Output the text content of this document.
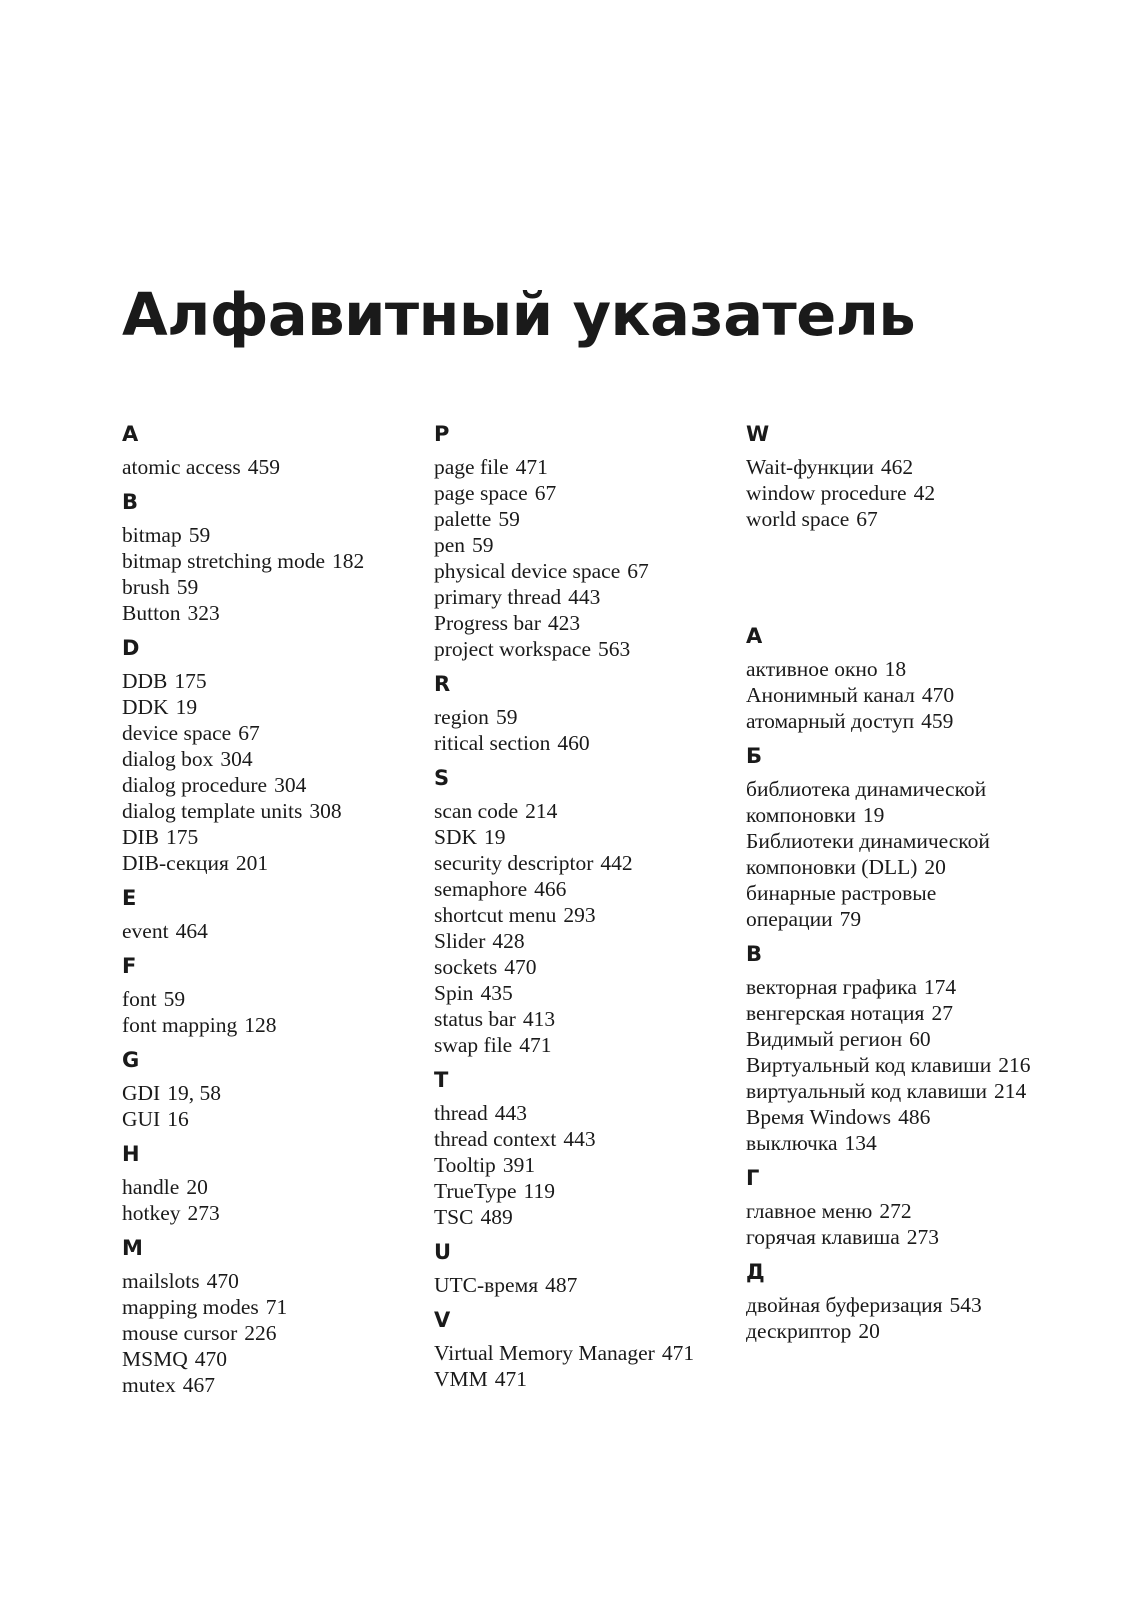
Алфавитный указатель
A
atomic access 459
B
bitmap 59
bitmap stretching mode 182
brush 59
Button 323
D
DDB 175
DDK 19
device space 67
dialog box 304
dialog procedure 304
dialog template units 308
DIB 175
DIB-секция 201
E
event 464
F
font 59
font mapping 128
G
GDI 19, 58
GUI 16
H
handle 20
hotkey 273
M
mailslots 470
mapping modes 71
mouse cursor 226
MSMQ 470
mutex 467
P
page file 471
page space 67
palette 59
pen 59
physical device space 67
primary thread 443
Progress bar 423
project workspace 563
R
region 59
ritical section 460
S
scan code 214
SDK 19
security descriptor 442
semaphore 466
shortcut menu 293
Slider 428
sockets 470
Spin 435
status bar 413
swap file 471
T
thread 443
thread context 443
Tooltip 391
TrueType 119
TSC 489
U
UTC-время 487
V
Virtual Memory Manager 471
VMM 471
W
Wait-функции 462
window procedure 42
world space 67
А
активное окно 18
Анонимный канал 470
атомарный доступ 459
Б
библиотека динамической компоновки 19
Библиотеки динамической компоновки (DLL) 20
бинарные растровые операции 79
В
векторная графика 174
венгерская нотация 27
Видимый регион 60
Виртуальный код клавиши 216
виртуальный код клавиши 214
Время Windows 486
выключка 134
Г
главное меню 272
горячая клавиша 273
Д
двойная буферизация 543
дескриптор 20
